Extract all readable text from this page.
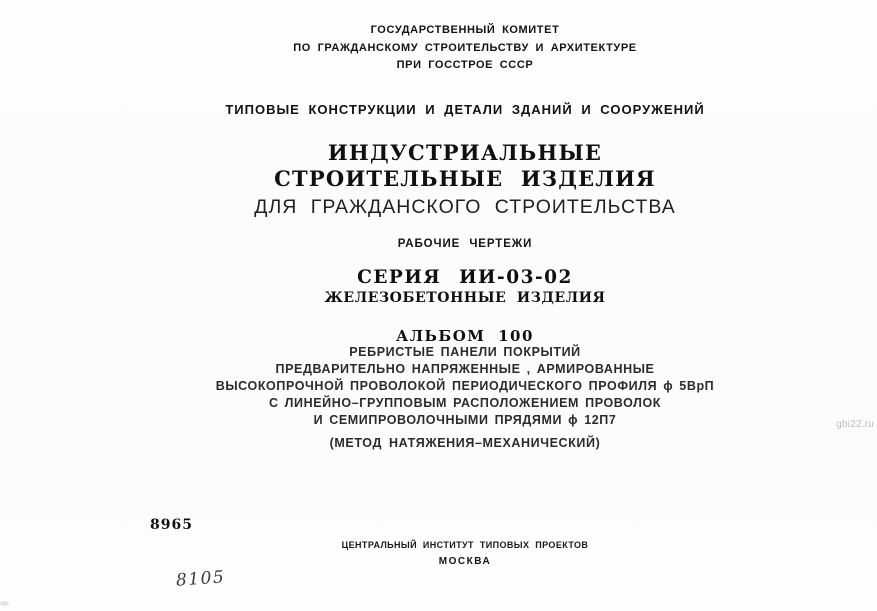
ГОСУДАРСТВЕННЫЙ КОМИТЕТ
ПО ГРАЖДАНСКОМУ СТРОИТЕЛЬСТВУ И АРХИТЕКТУРЕ
ПРИ ГОССТРОЕ СССР
ТИПОВЫЕ КОНСТРУКЦИИ И ДЕТАЛИ ЗДАНИЙ И СООРУЖЕНИЙ
ИНДУСТРИАЛЬНЫЕ
СТРОИТЕЛЬНЫЕ ИЗДЕЛИЯ
ДЛЯ ГРАЖДАНСКОГО СТРОИТЕЛЬСТВА
РАБОЧИЕ ЧЕРТЕЖИ
СЕРИЯ ИИ-03-02
ЖЕЛЕЗОБЕТОННЫЕ ИЗДЕЛИЯ
АЛЬБОМ 100
РЕБРИСТЫЕ ПАНЕЛИ ПОКРЫТИЙ
ПРЕДВАРИТЕЛЬНО НАПРЯЖЕННЫЕ , АРМИРОВАННЫЕ
ВЫСОКОПРОЧНОЙ ПРОВОЛОКОЙ ПЕРИОДИЧЕСКОГО ПРОФИЛЯ ϕ 5ВрП
С ЛИНЕЙНО–ГРУППОВЫМ РАСПОЛОЖЕНИЕМ ПРОВОЛОК
И СЕМИПРОВОЛОЧНЫМИ ПРЯДЯМИ ϕ 12П7
(МЕТОД НАТЯЖЕНИЯ–МЕХАНИЧЕСКИЙ)
ЦЕНТРАЛЬНЫЙ ИНСТИТУТ ТИПОВЫХ ПРОЕКТОВ
МОСКВА
8965
8105
gbi22.ru
